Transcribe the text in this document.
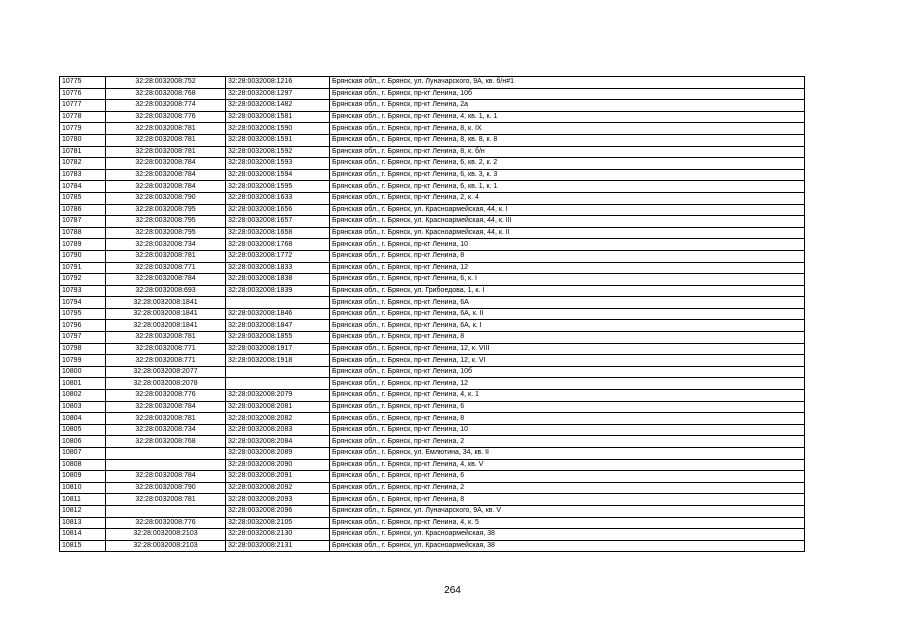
10775	32:28:0032008:752	32:28:0032008:1216	Брянская обл., г. Брянск, ул. Луначарского, 9А, кв. б/н#1
10776	32:28:0032008:768	32:28:0032008:1297	Брянская обл., г. Брянск, пр-кт Ленина, 10б
10777	32:28:0032008:774	32:28:0032008:1482	Брянская обл., г. Брянск, пр-кт Ленина, 2а
10778	32:28:0032008:776	32:28:0032008:1581	Брянская обл., г. Брянск, пр-кт Ленина, 4, кв. 1, к. 1
10779	32:28:0032008:781	32:28:0032008:1590	Брянская обл., г. Брянск, пр-кт Ленина, 8, к. IX
10780	32:28:0032008:781	32:28:0032008:1591	Брянская обл., г. Брянск, пр-кт Ленина, 8, кв. 8, к. 8
10781	32:28:0032008:781	32:28:0032008:1592	Брянская обл., г. Брянск, пр-кт Ленина, 8, к. б/н
10782	32:28:0032008:784	32:28:0032008:1593	Брянская обл., г. Брянск, пр-кт Ленина, 6, кв. 2, к. 2
10783	32:28:0032008:784	32:28:0032008:1594	Брянская обл., г. Брянск, пр-кт Ленина, 6, кв. 3, к. 3
10784	32:28:0032008:784	32:28:0032008:1595	Брянская обл., г. Брянск, пр-кт Ленина, 6, кв. 1, к. 1
10785	32:28:0032008:790	32:28:0032008:1633	Брянская обл., г. Брянск, пр-кт Ленина, 2, к. 4
10786	32:28:0032008:795	32:28:0032008:1656	Брянская обл., г. Брянск, ул. Красноармейская, 44, к. I
10787	32:28:0032008:795	32:28:0032008:1657	Брянская обл., г. Брянск, ул. Красноармейская, 44, к. III
10788	32:28:0032008:795	32:28:0032008:1658	Брянская обл., г. Брянск, ул. Красноармейская, 44, к. II
10789	32:28:0032008:734	32:28:0032008:1768	Брянская обл., г. Брянск, пр-кт Ленина, 10
10790	32:28:0032008:781	32:28:0032008:1772	Брянская обл., г. Брянск, пр-кт Ленина, 8
10791	32:28:0032008:771	32:28:0032008:1833	Брянская обл., г. Брянск, пр-кт Ленина, 12
10792	32:28:0032008:784	32:28:0032008:1838	Брянская обл., г. Брянск, пр-кт Ленина, 6, к. I
10793	32:28:0032008:693	32:28:0032008:1839	Брянская обл., г. Брянск, ул. Грибоедова, 1, к. I
10794	32:28:0032008:1841		Брянская обл., г. Брянск, пр-кт Ленина, 6А
10795	32:28:0032008:1841	32:28:0032008:1846	Брянская обл., г. Брянск, пр-кт Ленина, 6А, к. II
10796	32:28:0032008:1841	32:28:0032008:1847	Брянская обл., г. Брянск, пр-кт Ленина, 6А, к. I
10797	32:28:0032008:781	32:28:0032008:1855	Брянская обл., г. Брянск, пр-кт Ленина, 8
10798	32:28:0032008:771	32:28:0032008:1917	Брянская обл., г. Брянск, пр-кт Ленина, 12, к. VIII
10799	32:28:0032008:771	32:28:0032008:1918	Брянская обл., г. Брянск, пр-кт Ленина, 12, к. VI
10800	32:28:0032008:2077		Брянская обл., г. Брянск, пр-кт Ленина, 10б
10801	32:28:0032008:2078		Брянская обл., г. Брянск, пр-кт Ленина, 12
10802	32:28:0032008:776	32:28:0032008:2079	Брянская обл., г. Брянск, пр-кт Ленина, 4, к. 1
10803	32:28:0032008:784	32:28:0032008:2081	Брянская обл., г. Брянск, пр-кт Ленина, 6
10804	32:28:0032008:781	32:28:0032008:2082	Брянская обл., г. Брянск, пр-кт Ленина, 8
10805	32:28:0032008:734	32:28:0032008:2083	Брянская обл., г. Брянск, пр-кт Ленина, 10
10806	32:28:0032008:768	32:28:0032008:2084	Брянская обл., г. Брянск, пр-кт Ленина, 2
10807		32:28:0032008:2089	Брянская обл., г. Брянск, ул. Емлютина, 34, кв. II
10808		32:28:0032008:2090	Брянская обл., г. Брянск, пр-кт Ленина, 4, кв. V
10809	32:28:0032008:784	32:28:0032008:2091	Брянская обл., г. Брянск, пр-кт Ленина, 6
10810	32:28:0032008:790	32:28:0032008:2092	Брянская обл., г. Брянск, пр-кт Ленина, 2
10811	32:28:0032008:781	32:28:0032008:2093	Брянская обл., г. Брянск, пр-кт Ленина, 8
10812		32:28:0032008:2096	Брянская обл., г. Брянск, ул. Луначарского, 9А, кв. V
10813	32:28:0032008:776	32:28:0032008:2105	Брянская обл., г. Брянск, пр-кт Ленина, 4, к. 5
10814	32:28:0032008:2103	32:28:0032008:2130	Брянская обл., г. Брянск, ул. Красноармейская, 38
10815	32:28:0032008:2103	32:28:0032008:2131	Брянская обл., г. Брянск, ул. Красноармейская, 38
264
